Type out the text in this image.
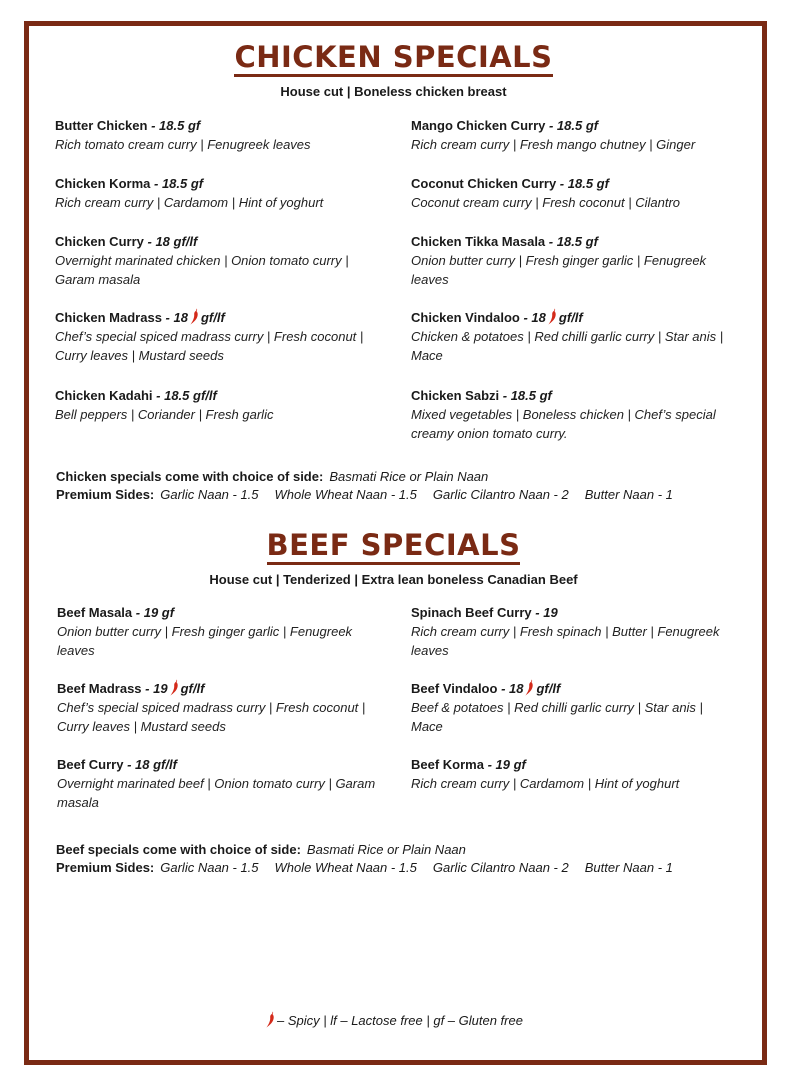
CHICKEN SPECIALS
House cut | Boneless chicken breast
Butter Chicken - 18.5 gf
Rich tomato cream curry | Fenugreek leaves
Mango Chicken Curry - 18.5 gf
Rich cream curry | Fresh mango chutney | Ginger
Chicken Korma - 18.5 gf
Rich cream curry | Cardamom | Hint of yoghurt
Coconut Chicken Curry - 18.5 gf
Coconut cream curry | Fresh coconut | Cilantro
Chicken Curry - 18 gf/lf
Overnight marinated chicken | Onion tomato curry | Garam masala
Chicken Tikka Masala - 18.5 gf
Onion butter curry | Fresh ginger garlic | Fenugreek leaves
Chicken Madrass - 18 gf/lf
Chef’s special spiced madrass curry | Fresh coconut | Curry leaves | Mustard seeds
Chicken Vindaloo - 18 gf/lf
Chicken & potatoes | Red chilli garlic curry | Star anis | Mace
Chicken Kadahi - 18.5 gf/lf
Bell peppers | Coriander | Fresh garlic
Chicken Sabzi - 18.5 gf
Mixed vegetables | Boneless chicken | Chef’s special creamy onion tomato curry.
Chicken specials come with choice of side: Basmati Rice or Plain Naan
Premium Sides: Garlic Naan - 1.5 Whole Wheat Naan - 1.5 Garlic Cilantro Naan - 2 Butter Naan - 1
BEEF SPECIALS
House cut | Tenderized | Extra lean boneless Canadian Beef
Beef Masala - 19 gf
Onion butter curry | Fresh ginger garlic | Fenugreek leaves
Spinach Beef Curry - 19
Rich cream curry | Fresh spinach | Butter | Fenugreek leaves
Beef Madrass - 19 gf/lf
Chef’s special spiced madrass curry | Fresh coconut | Curry leaves | Mustard seeds
Beef Vindaloo - 18 gf/lf
Beef & potatoes | Red chilli garlic curry | Star anis | Mace
Beef Curry - 18 gf/lf
Overnight marinated beef | Onion tomato curry | Garam masala
Beef Korma - 19 gf
Rich cream curry | Cardamom | Hint of yoghurt
Beef specials come with choice of side: Basmati Rice or Plain Naan
Premium Sides: Garlic Naan - 1.5 Whole Wheat Naan - 1.5 Garlic Cilantro Naan - 2 Butter Naan - 1
– Spicy | lf – Lactose free | gf – Gluten free
